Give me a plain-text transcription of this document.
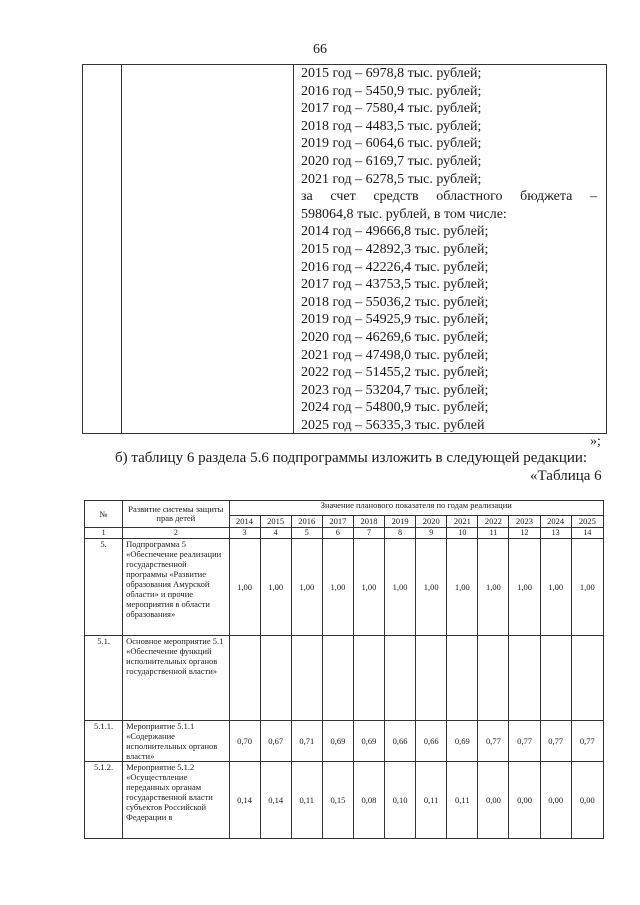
66
2015 год – 6978,8 тыс. рублей;
2016 год – 5450,9 тыс. рублей;
2017 год – 7580,4 тыс. рублей;
2018 год – 4483,5 тыс. рублей;
2019 год – 6064,6 тыс. рублей;
2020 год – 6169,7 тыс. рублей;
2021 год – 6278,5 тыс. рублей;
за счет средств областного бюджета –
598064,8 тыс. рублей, в том числе:
2014 год – 49666,8 тыс. рублей;
2015 год – 42892,3 тыс. рублей;
2016 год – 42226,4 тыс. рублей;
2017 год – 43753,5 тыс. рублей;
2018 год – 55036,2 тыс. рублей;
2019 год – 54925,9 тыс. рублей;
2020 год – 46269,6 тыс. рублей;
2021 год – 47498,0 тыс. рублей;
2022 год – 51455,2 тыс. рублей;
2023 год – 53204,7 тыс. рублей;
2024 год – 54800,9 тыс. рублей;
2025 год – 56335,3 тыс. рублей
»;
б) таблицу 6 раздела 5.6 подпрограммы изложить в следующей редакции:
«Таблица 6
№	Развитие системы защиты прав детей	Значение планового показателя по годам реализации											
		2014	2015	2016	2017	2018	2019	2020	2021	2022	2023	2024	2025
1	2	3	4	5	6	7	8	9	10	11	12	13	14
5.	Подпрограмма 5 «Обеспечение реализации государственной программы «Развитие образования Амурской области» и прочие мероприятия в области образования»	1,00	1,00	1,00	1,00	1,00	1,00	1,00	1,00	1,00	1,00	1,00	1,00
5.1.	Основное мероприятие 5.1 «Обеспечение функций исполнительных органов государственной власти»												
5.1.1.	Мероприятие 5.1.1 «Содержание исполнительных органов власти»	0,70	0,67	0,71	0,69	0,69	0,66	0,66	0,69	0,77	0,77	0,77	0,77
5.1.2.	Мероприятие 5.1.2 «Осуществление переданных органам государственной власти субъектов Российской Федерации в	0,14	0,14	0,11	0,15	0,08	0,10	0,11	0,11	0,00	0,00	0,00	0,00
